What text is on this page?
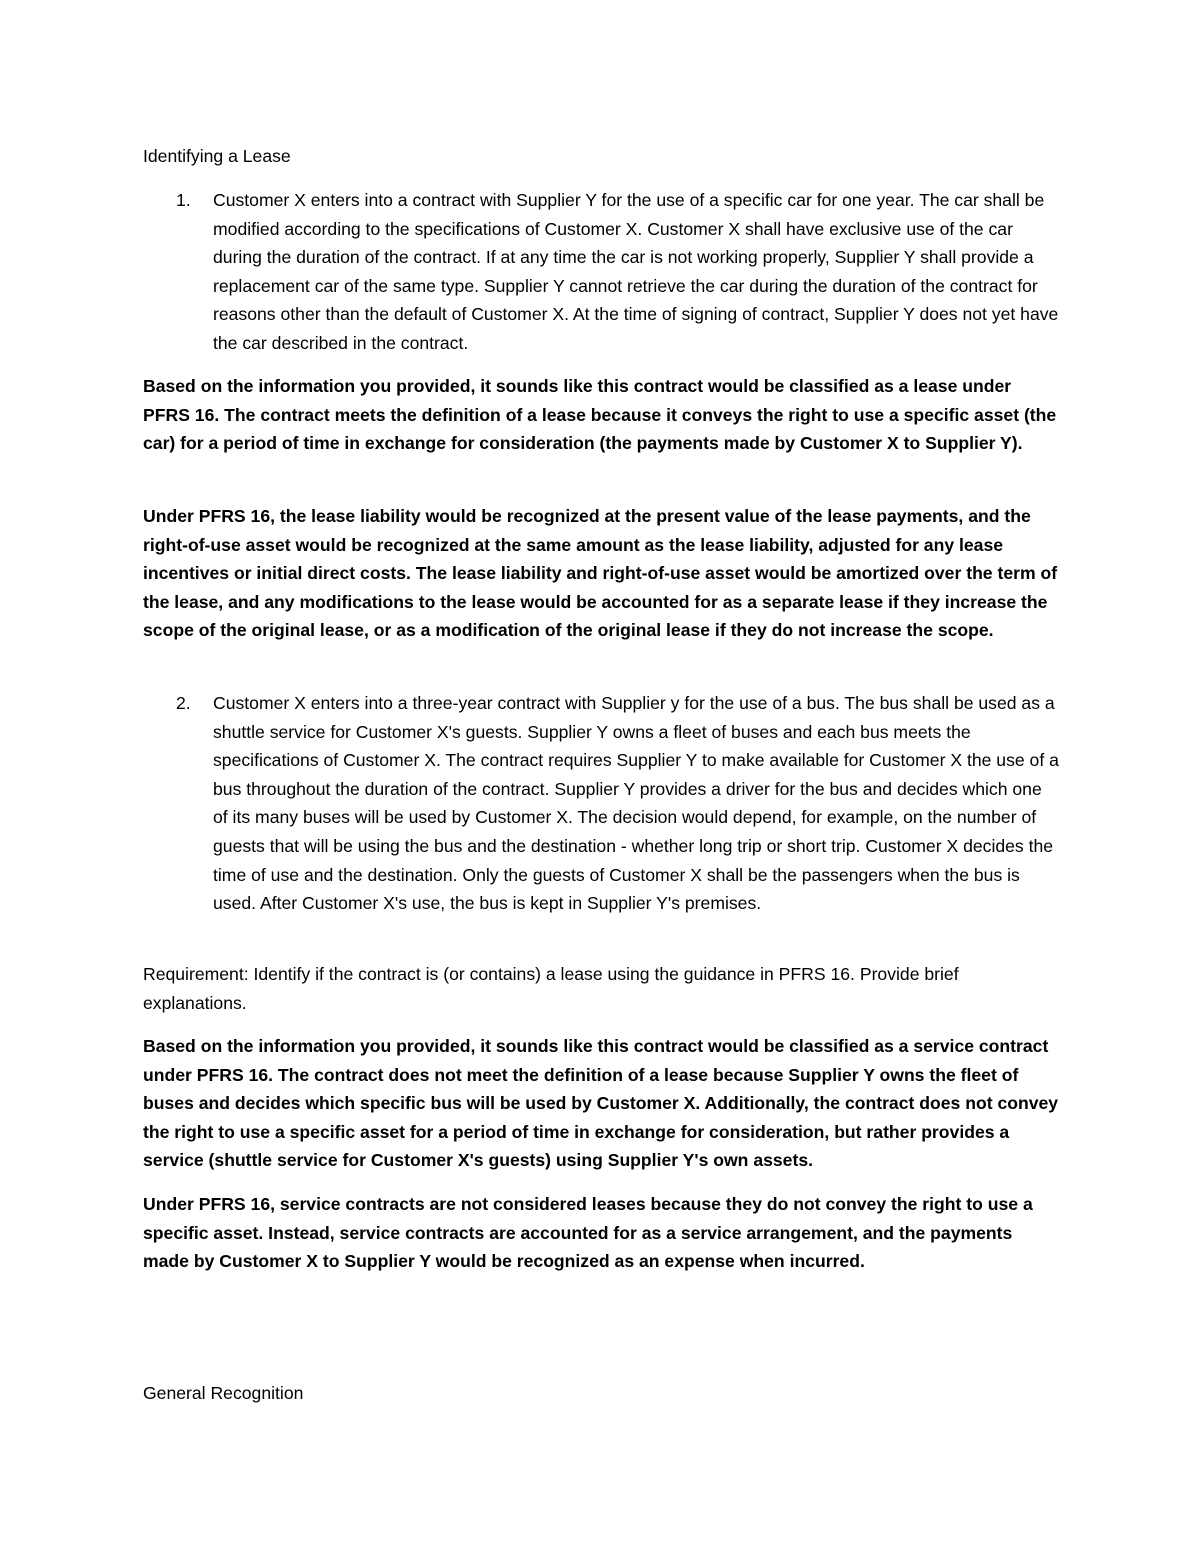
Identifying a Lease

1. Customer X enters into a contract with Supplier Y for the use of a specific car for one year. The car shall be modified according to the specifications of Customer X. Customer X shall have exclusive use of the car during the duration of the contract. If at any time the car is not working properly, Supplier Y shall provide a replacement car of the same type. Supplier Y cannot retrieve the car during the duration of the contract for reasons other than the default of Customer X. At the time of signing of contract, Supplier Y does not yet have the car described in the contract.

Based on the information you provided, it sounds like this contract would be classified as a lease under PFRS 16. The contract meets the definition of a lease because it conveys the right to use a specific asset (the car) for a period of time in exchange for consideration (the payments made by Customer X to Supplier Y).

Under PFRS 16, the lease liability would be recognized at the present value of the lease payments, and the right-of-use asset would be recognized at the same amount as the lease liability, adjusted for any lease incentives or initial direct costs. The lease liability and right-of-use asset would be amortized over the term of the lease, and any modifications to the lease would be accounted for as a separate lease if they increase the scope of the original lease, or as a modification of the original lease if they do not increase the scope.

2. Customer X enters into a three-year contract with Supplier y for the use of a bus. The bus shall be used as a shuttle service for Customer X's guests. Supplier Y owns a fleet of buses and each bus meets the specifications of Customer X. The contract requires Supplier Y to make available for Customer X the use of a bus throughout the duration of the contract. Supplier Y provides a driver for the bus and decides which one of its many buses will be used by Customer X. The decision would depend, for example, on the number of guests that will be using the bus and the destination - whether long trip or short trip. Customer X decides the time of use and the destination. Only the guests of Customer X shall be the passengers when the bus is used. After Customer X's use, the bus is kept in Supplier Y's premises.

Requirement: Identify if the contract is (or contains) a lease using the guidance in PFRS 16. Provide brief explanations.

Based on the information you provided, it sounds like this contract would be classified as a service contract under PFRS 16. The contract does not meet the definition of a lease because Supplier Y owns the fleet of buses and decides which specific bus will be used by Customer X. Additionally, the contract does not convey the right to use a specific asset for a period of time in exchange for consideration, but rather provides a service (shuttle service for Customer X's guests) using Supplier Y's own assets.

Under PFRS 16, service contracts are not considered leases because they do not convey the right to use a specific asset. Instead, service contracts are accounted for as a service arrangement, and the payments made by Customer X to Supplier Y would be recognized as an expense when incurred.

General Recognition
